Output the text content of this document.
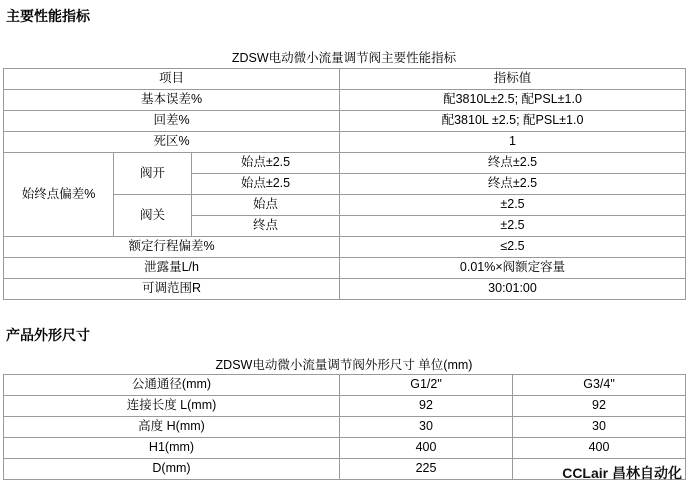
主要性能指标
ZDSW电动微小流量调节阀主要性能指标
项目			指标值
基本误差%			配3810L±2.5; 配PSL±1.0
回差%			配3810L ±2.5; 配PSL±1.0
死区%			1
始终点偏差%	阀开	始点±2.5	终点±2.5
		始点±2.5	终点±2.5
	阀关	始点	±2.5
		终点	±2.5
额定行程偏差%			≤2.5
泄露量L/h			0.01%×阀额定容量
可调范围R			30:01:00
产品外形尺寸
ZDSW电动微小流量调节阀外形尺寸 单位(mm)
公通通径(mm)	G1/2"	G3/4"
连接长度 L(mm)	92	92
高度 H(mm)	30	30
H1(mm)	400	400
D(mm)	225		CCLair 昌林自动化
